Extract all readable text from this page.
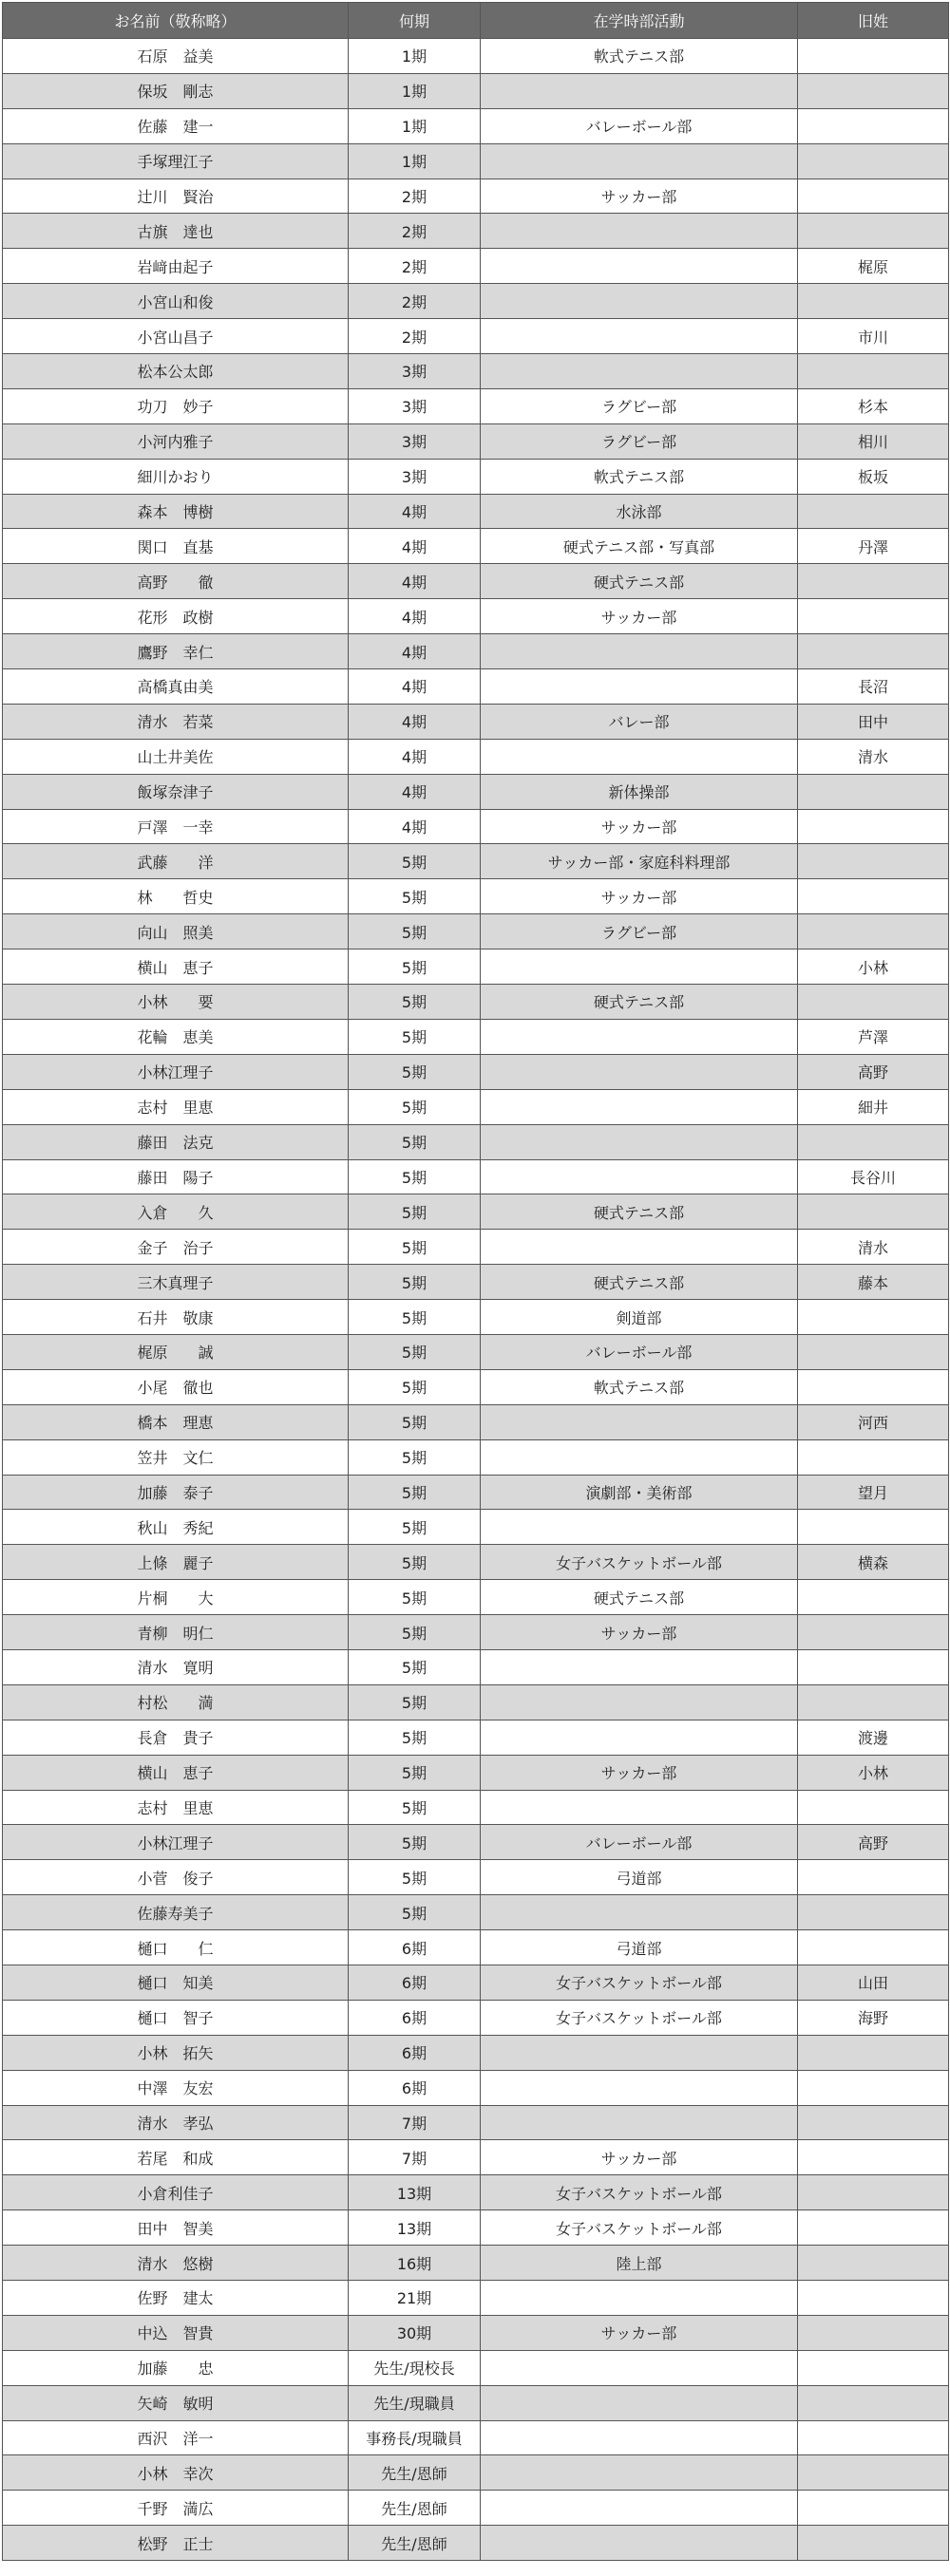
お名前（敬称略）	何期	在学時部活動	旧姓
石原　益美	1期	軟式テニス部	
保坂　剛志	1期		
佐藤　建一	1期	バレーボール部	
手塚理江子	1期		
辻川　賢治	2期	サッカー部	
古旗　達也	2期		
岩﨑由起子	2期		梶原
小宮山和俊	2期		
小宮山昌子	2期		市川
松本公太郎	3期		
功刀　妙子	3期	ラグビー部	杉本
小河内雅子	3期	ラグビー部	相川
細川かおり	3期	軟式テニス部	板坂
森本　博樹	4期	水泳部	
関口　直基	4期	硬式テニス部・写真部	丹澤
高野　　徹	4期	硬式テニス部	
花形　政樹	4期	サッカー部	
鷹野　幸仁	4期		
高橋真由美	4期		長沼
清水　若菜	4期	バレー部	田中
山土井美佐	4期		清水
飯塚奈津子	4期	新体操部	
戸澤　一幸	4期	サッカー部	
武藤　　洋	5期	サッカー部・家庭科料理部	
林　　哲史	5期	サッカー部	
向山　照美	5期	ラグビー部	
横山　恵子	5期		小林
小林　　要	5期	硬式テニス部	
花輪　恵美	5期		芦澤
小林江理子	5期		高野
志村　里恵	5期		細井
藤田　法克	5期		
藤田　陽子	5期		長谷川
入倉　　久	5期	硬式テニス部	
金子　治子	5期		清水
三木真理子	5期	硬式テニス部	藤本
石井　敬康	5期	剣道部	
梶原　　誠	5期	バレーボール部	
小尾　徹也	5期	軟式テニス部	
橋本　理恵	5期		河西
笠井　文仁	5期		
加藤　泰子	5期	演劇部・美術部	望月
秋山　秀紀	5期		
上條　麗子	5期	女子バスケットボール部	横森
片桐　　大	5期	硬式テニス部	
青柳　明仁	5期	サッカー部	
清水　寛明	5期		
村松　　満	5期		
長倉　貴子	5期		渡邊
横山　恵子	5期	サッカー部	小林
志村　里恵	5期		
小林江理子	5期	バレーボール部	高野
小菅　俊子	5期	弓道部	
佐藤寿美子	5期		
樋口　　仁	6期	弓道部	
樋口　知美	6期	女子バスケットボール部	山田
樋口　智子	6期	女子バスケットボール部	海野
小林　拓矢	6期		
中澤　友宏	6期		
清水　孝弘	7期		
若尾　和成	7期	サッカー部	
小倉利佳子	13期	女子バスケットボール部	
田中　智美	13期	女子バスケットボール部	
清水　悠樹	16期	陸上部	
佐野　建太	21期		
中込　智貴	30期	サッカー部	
加藤　　忠	先生/現校長		
矢崎　敏明	先生/現職員		
西沢　洋一	事務長/現職員		
小林　幸次	先生/恩師		
千野　満広	先生/恩師		
松野　正士	先生/恩師		
